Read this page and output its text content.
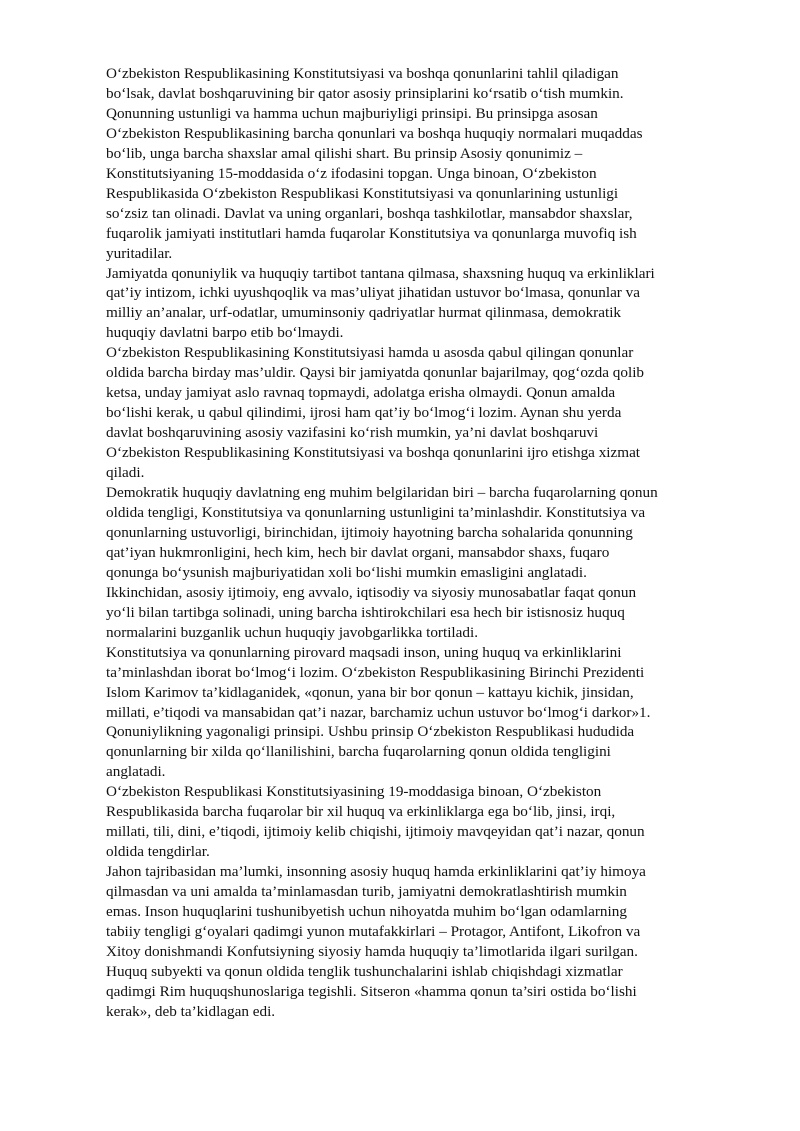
Oʻzbekiston Respublikasining Konstitutsiyasi va boshqa qonunlarini tahlil qiladigan
boʻlsak, davlat boshqaruvining bir qator asosiy prinsiplarini koʻrsatib oʻtish mumkin.
Qonunning ustunligi va hamma uchun majburiyligi prinsipi. Bu prinsipga asosan
Oʻzbekiston Respublikasining barcha qonunlari va boshqa huquqiy normalari muqaddas
boʻlib, unga barcha shaxslar amal qilishi shart. Bu prinsip Asosiy qonunimiz –
Konstitutsiyaning 15-moddasida oʻz ifodasini topgan. Unga binoan, Oʻzbekiston
Respublikasida Oʻzbekiston Respublikasi Konstitutsiyasi va qonunlarining ustunligi
soʻzsiz tan olinadi. Davlat va uning organlari, boshqa tashkilotlar, mansabdor shaxslar,
fuqarolik jamiyati institutlari hamda fuqarolar Konstitutsiya va qonunlarga muvofiq ish
yuritadilar.

Jamiyatda qonuniylik va huquqiy tartibot tantana qilmasa, shaxsning huquq va erkinliklari
qat’iy intizom, ichki uyushqoqlik va mas’uliyat jihatidan ustuvor boʻlmasa, qonunlar va
milliy an’analar, urf-odatlar, umuminsoniy qadriyatlar hurmat qilinmasa, demokratik
huquqiy davlatni barpo etib boʻlmaydi.

Oʻzbekiston Respublikasining Konstitutsiyasi hamda u asosda qabul qilingan qonunlar
oldida barcha birday mas’uldir. Qaysi bir jamiyatda qonunlar bajarilmay, qogʻozda qolib
ketsa, unday jamiyat aslo ravnaq topmaydi, adolatga erisha olmaydi. Qonun amalda
boʻlishi kerak, u qabul qilindimi, ijrosi ham qat’iy boʻlmogʻi lozim. Aynan shu yerda
davlat boshqaruvining asosiy vazifasini koʻrish mumkin, ya’ni davlat boshqaruvi
Oʻzbekiston Respublikasining Konstitutsiyasi va boshqa qonunlarini ijro etishga xizmat
qiladi.

Demokratik huquqiy davlatning eng muhim belgilaridan biri – barcha fuqarolarning qonun
oldida tengligi, Konstitutsiya va qonunlarning ustunligini ta’minlashdir. Konstitutsiya va
qonunlarning ustuvorligi, birinchidan, ijtimoiy hayotning barcha sohalarida qonunning
qat’iyan hukmronligini, hech kim, hech bir davlat organi, mansabdor shaxs, fuqaro
qonunga boʻysunish majburiyatidan xoli boʻlishi mumkin emasligini anglatadi.
Ikkinchidan, asosiy ijtimoiy, eng avvalo, iqtisodiy va siyosiy munosabatlar faqat qonun
yoʻli bilan tartibga solinadi, uning barcha ishtirokchilari esa hech bir istisnosiz huquq
normalarini buzganlik uchun huquqiy javobgarlikka tortiladi.

Konstitutsiya va qonunlarning pirovard maqsadi inson, uning huquq va erkinliklarini
ta’minlashdan iborat boʻlmogʻi lozim. Oʻzbekiston Respublikasining Birinchi Prezidenti
Islom Karimov ta’kidlaganidek, «qonun, yana bir bor qonun – kattayu kichik, jinsidan,
millati, e’tiqodi va mansabidan qat’i nazar, barchamiz uchun ustuvor boʻlmogʻi darkor»1.
Qonuniylikning yagonaligi prinsipi. Ushbu prinsip Oʻzbekiston Respublikasi hududida
qonunlarning bir xilda qoʻllanilishini, barcha fuqarolarning qonun oldida tengligini
anglatadi.

Oʻzbekiston Respublikasi Konstitutsiyasining 19-moddasiga binoan, Oʻzbekiston
Respublikasida barcha fuqarolar bir xil huquq va erkinliklarga ega boʻlib, jinsi, irqi,
millati, tili, dini, e’tiqodi, ijtimoiy kelib chiqishi, ijtimoiy mavqeyidan qat’i nazar, qonun
oldida tengdirlar.

Jahon tajribasidan ma’lumki, insonning asosiy huquq hamda erkinliklarini qat’iy himoya
qilmasdan va uni amalda ta’minlamasdan turib, jamiyatni demokratlashtirish mumkin
emas. Inson huquqlarini tushunibyetish uchun nihoyatda muhim boʻlgan odamlarning
tabiiy tengligi gʻoyalari qadimgi yunon mutafakkirlari – Protagor, Antifont, Likofron va
Xitoy donishmandi Konfutsiyning siyosiy hamda huquqiy ta’limotlarida ilgari surilgan.
Huquq subyekti va qonun oldida tenglik tushunchalarini ishlab chiqishdagi xizmatlar
qadimgi Rim huquqshunoslariga tegishli. Sitseron «hamma qonun ta’siri ostida boʻlishi
kerak», deb ta’kidlagan edi.
